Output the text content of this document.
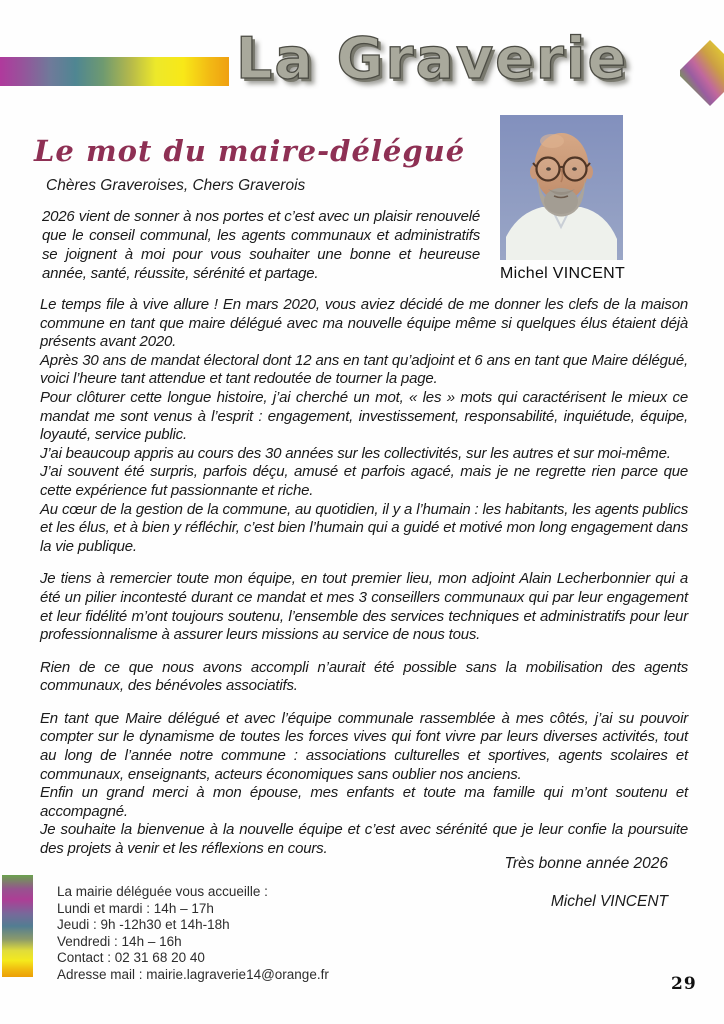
La Graverie
Le mot du maire-délégué
Chères Graveroises, Chers Graverois
2026 vient de sonner à nos portes et c’est avec un plaisir renouvelé que le conseil communal, les agents communaux et administratifs se joignent à moi pour vous souhaiter une bonne et heureuse année, santé, réussite, sérénité et partage.	Michel VINCENT

Le temps file à vive allure ! En mars 2020, vous aviez décidé de me donner les clefs de la maison commune en tant que maire délégué avec ma nouvelle équipe même si quelques élus étaient déjà présents avant 2020.

Après 30 ans de mandat électoral dont 12 ans en tant qu’adjoint et 6 ans en tant que Maire délégué, voici l’heure tant attendue et tant redoutée de tourner la page.

Pour clôturer cette longue histoire, j’ai cherché un mot, « les » mots qui caractérisent le mieux ce mandat me sont venus à l’esprit : engagement, investissement, responsabilité, inquiétude, équipe, loyauté, service public.

J’ai beaucoup appris au cours des 30 années sur les collectivités, sur les autres et sur moi-même.

J’ai souvent été surpris, parfois déçu, amusé et parfois agacé, mais je ne regrette rien parce que cette expérience fut passionnante et riche.

Au cœur de la gestion de la commune, au quotidien, il y a l’humain : les habitants, les agents publics et les élus, et à bien y réfléchir, c’est bien l’humain qui a guidé et motivé mon long engagement dans la vie publique.

Je tiens à remercier toute mon équipe, en tout premier lieu, mon adjoint Alain Lecherbonnier qui a été un pilier incontesté durant ce mandat et mes 3 conseillers communaux qui par leur engagement et leur fidélité m’ont toujours soutenu, l’ensemble des services techniques et administratifs pour leur professionnalisme à assurer leurs missions au service de nous tous.

Rien de ce que nous avons accompli n’aurait été possible sans la mobilisation des agents communaux, des bénévoles associatifs.

En tant que Maire délégué et avec l’équipe communale rassemblée à mes côtés, j’ai su pouvoir compter sur le dynamisme de toutes les forces vives qui font vivre par leurs diverses activités, tout au long de l’année notre commune : associations culturelles et sportives, agents scolaires et communaux, enseignants, acteurs économiques sans oublier nos anciens.

Enfin un grand merci à mon épouse, mes enfants et toute ma famille qui m’ont soutenu et accompagné.

Je souhaite la bienvenue à la nouvelle équipe et c’est avec sérénité que je leur confie la poursuite des projets à venir et les réflexions en cours.

Très bonne année 2026
Michel VINCENT
La mairie déléguée vous accueille :
Lundi et mardi : 14h – 17h
Jeudi : 9h -12h30 et 14h-18h
Vendredi : 14h – 16h
Contact : 02 31 68 20 40
Adresse mail : mairie.lagraverie14@orange.fr	29
